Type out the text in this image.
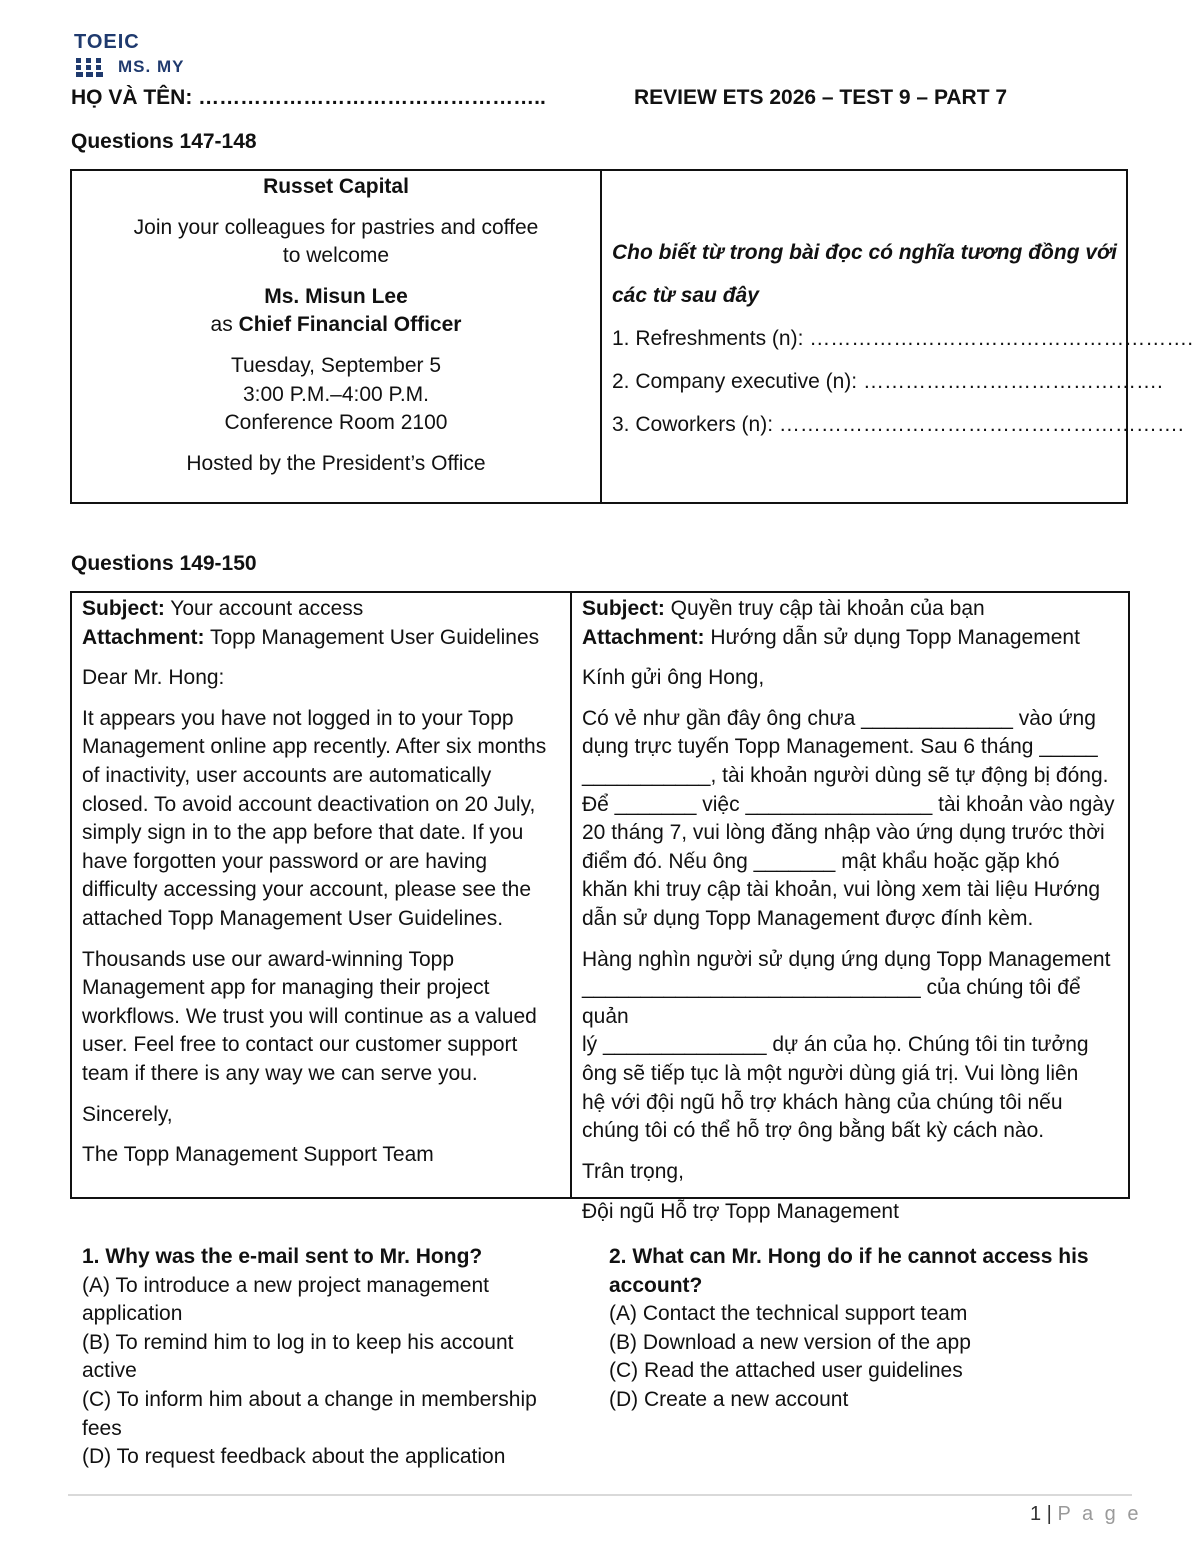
TOEIC
MS. MY
HỌ VÀ TÊN: …………………………………………..	REVIEW ETS 2026 – TEST 9 – PART 7
Questions 147-148

Russet Capital

Join your colleagues for pastries and coffee

to welcome

Ms. Misun Lee

as Chief Financial Officer

Tuesday, September 5

3:00 P.M.–4:00 P.M.

Conference Room 2100

Hosted by the President’s Office

Cho biết từ trong bài đọc có nghĩa tương đồng với
các từ sau đây
1. Refreshments (n): ……………………………………………….
2. Company executive (n): …………………………………….
3. Coworkers (n): ………………………………………………….
Questions 149-150

Subject: Your account access

Attachment: Topp Management User Guidelines

Dear Mr. Hong:

It appears you have not logged in to your Topp Management online app recently. After six months of inactivity, user accounts are automatically closed. To avoid account deactivation on 20 July, simply sign in to the app before that date. If you have forgotten your password or are having difficulty accessing your account, please see the attached Topp Management User Guidelines.

Thousands use our award-winning Topp Management app for managing their project workflows. We trust you will continue as a valued user. Feel free to contact our customer support team if there is any way we can serve you.

Sincerely,

The Topp Management Support Team

Subject: Quyền truy cập tài khoản của bạn

Attachment: Hướng dẫn sử dụng Topp Management

Kính gửi ông Hong,

Có vẻ như gần đây ông chưa _____________ vào ứng

dụng trực tuyến Topp Management. Sau 6 tháng _____

___________, tài khoản người dùng sẽ tự động bị đóng.

Để _______ việc ________________ tài khoản vào ngày

20 tháng 7, vui lòng đăng nhập vào ứng dụng trước thời

điểm đó. Nếu ông _______ mật khẩu hoặc gặp khó

khăn khi truy cập tài khoản, vui lòng xem tài liệu Hướng

dẫn sử dụng Topp Management được đính kèm.

Hàng nghìn người sử dụng ứng dụng Topp Management

_____________________________ của chúng tôi để quản

lý ______________ dự án của họ. Chúng tôi tin tưởng

ông sẽ tiếp tục là một người dùng giá trị. Vui lòng liên

hệ với đội ngũ hỗ trợ khách hàng của chúng tôi nếu

chúng tôi có thể hỗ trợ ông bằng bất kỳ cách nào.

Trân trọng,

Đội ngũ Hỗ trợ Topp Management

1. Why was the e-mail sent to Mr. Hong?

(A) To introduce a new project management application

(B) To remind him to log in to keep his account active

(C) To inform him about a change in membership fees

(D) To request feedback about the application

2. What can Mr. Hong do if he cannot access his account?

(A) Contact the technical support team

(B) Download a new version of the app

(C) Read the attached user guidelines

(D) Create a new account

1 | P a g e
